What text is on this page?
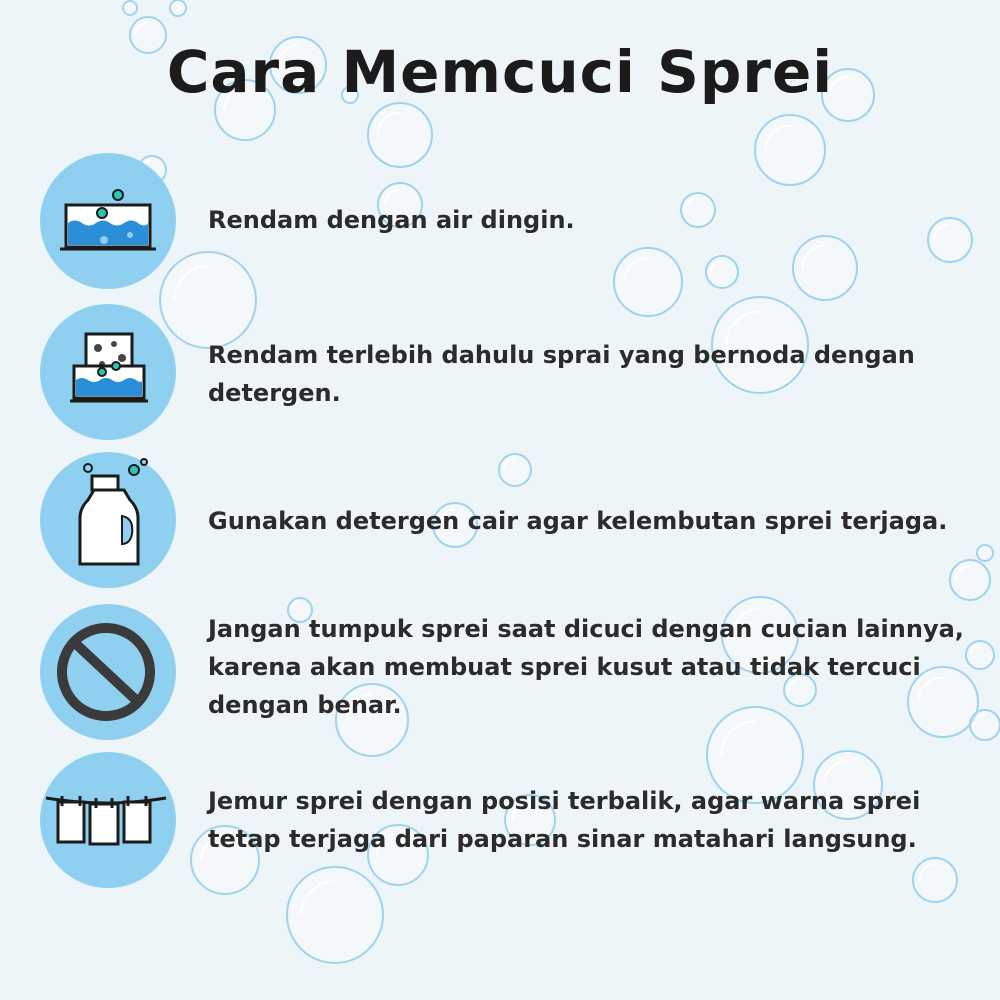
Cara Memcuci Sprei
Rendam dengan air dingin.
Rendam terlebih dahulu sprai yang bernoda dengan detergen.
Gunakan detergen cair agar kelembutan sprei terjaga.
Jangan tumpuk sprei saat dicuci dengan cucian lainnya, karena akan membuat sprei kusut atau tidak tercuci dengan benar.
Jemur sprei dengan posisi terbalik, agar warna sprei tetap terjaga dari paparan sinar matahari langsung.
